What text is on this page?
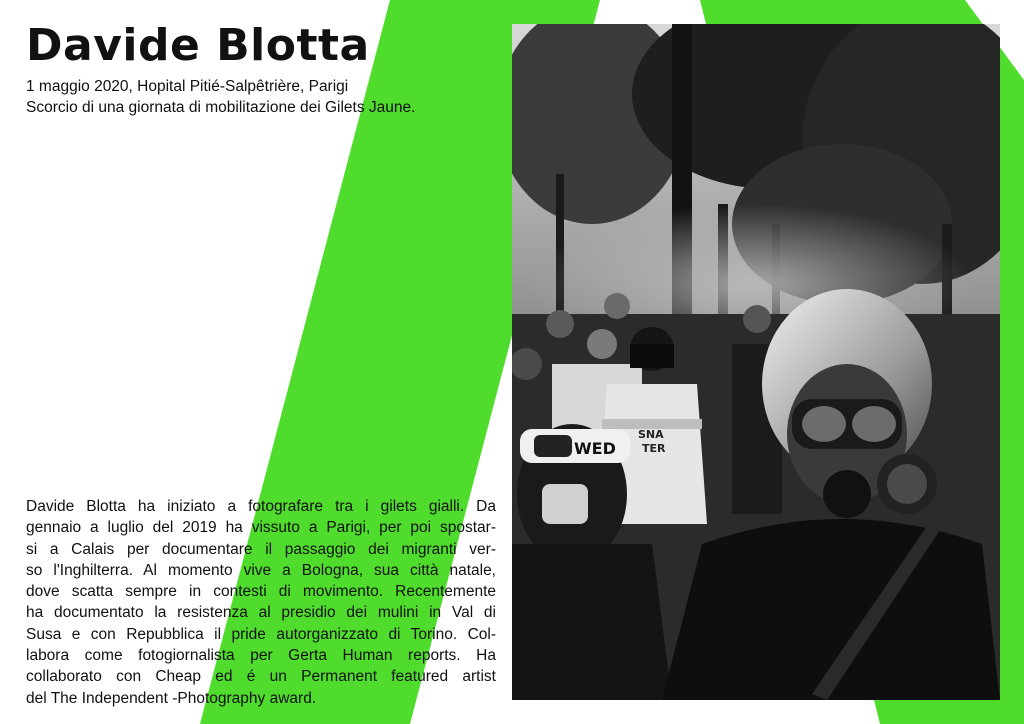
Davide Blotta
1 maggio 2020, Hopital Pitié-Salpêtrière, Parigi
Scorcio di una giornata di mobilitazione dei Gilets Jaune.
SNA
TER
WED
Davide Blotta ha iniziato a fotografare tra i gilets gialli. Da
gennaio a luglio del 2019 ha vissuto a Parigi, per poi spostar-
si a Calais per documentare il passaggio dei migranti ver-
so l'Inghilterra. Al momento vive a Bologna, sua città natale,
dove scatta sempre in contesti di movimento. Recentemente
ha documentato la resistenza al presidio dei mulini in Val di
Susa e con Repubblica il pride autorganizzato di Torino. Col-
labora come fotogiornalista per Gerta Human reports. Ha
collaborato con Cheap ed é un Permanent featured artist
del The Independent -Photography award.
